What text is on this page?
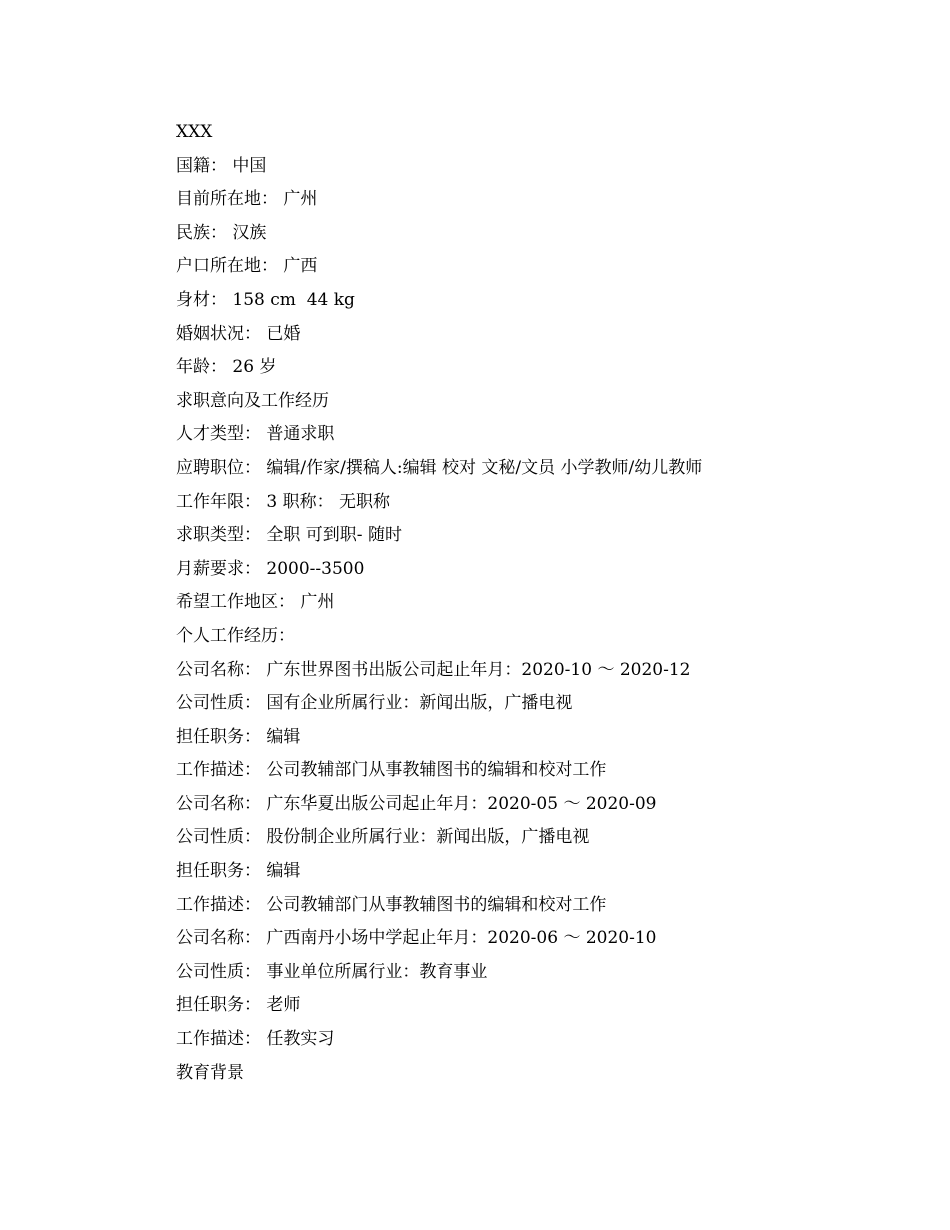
XXX
国籍： 中国
目前所在地： 广州
民族： 汉族
户口所在地： 广西
身材： 158 cm  44 kg
婚姻状况： 已婚
年龄： 26 岁
求职意向及工作经历
人才类型： 普通求职
应聘职位： 编辑/作家/撰稿人:编辑 校对 文秘/文员 小学教师/幼儿教师
工作年限： 3 职称： 无职称
求职类型： 全职 可到职- 随时
月薪要求： 2000--3500
希望工作地区： 广州
个人工作经历：
公司名称： 广东世界图书出版公司起止年月：2020-10 ～ 2020-12
公司性质： 国有企业所属行业：新闻出版，广播电视
担任职务： 编辑
工作描述： 公司教辅部门从事教辅图书的编辑和校对工作
公司名称： 广东华夏出版公司起止年月：2020-05 ～ 2020-09
公司性质： 股份制企业所属行业：新闻出版，广播电视
担任职务： 编辑
工作描述： 公司教辅部门从事教辅图书的编辑和校对工作
公司名称： 广西南丹小场中学起止年月：2020-06 ～ 2020-10
公司性质： 事业单位所属行业：教育事业
担任职务： 老师
工作描述： 任教实习
教育背景
